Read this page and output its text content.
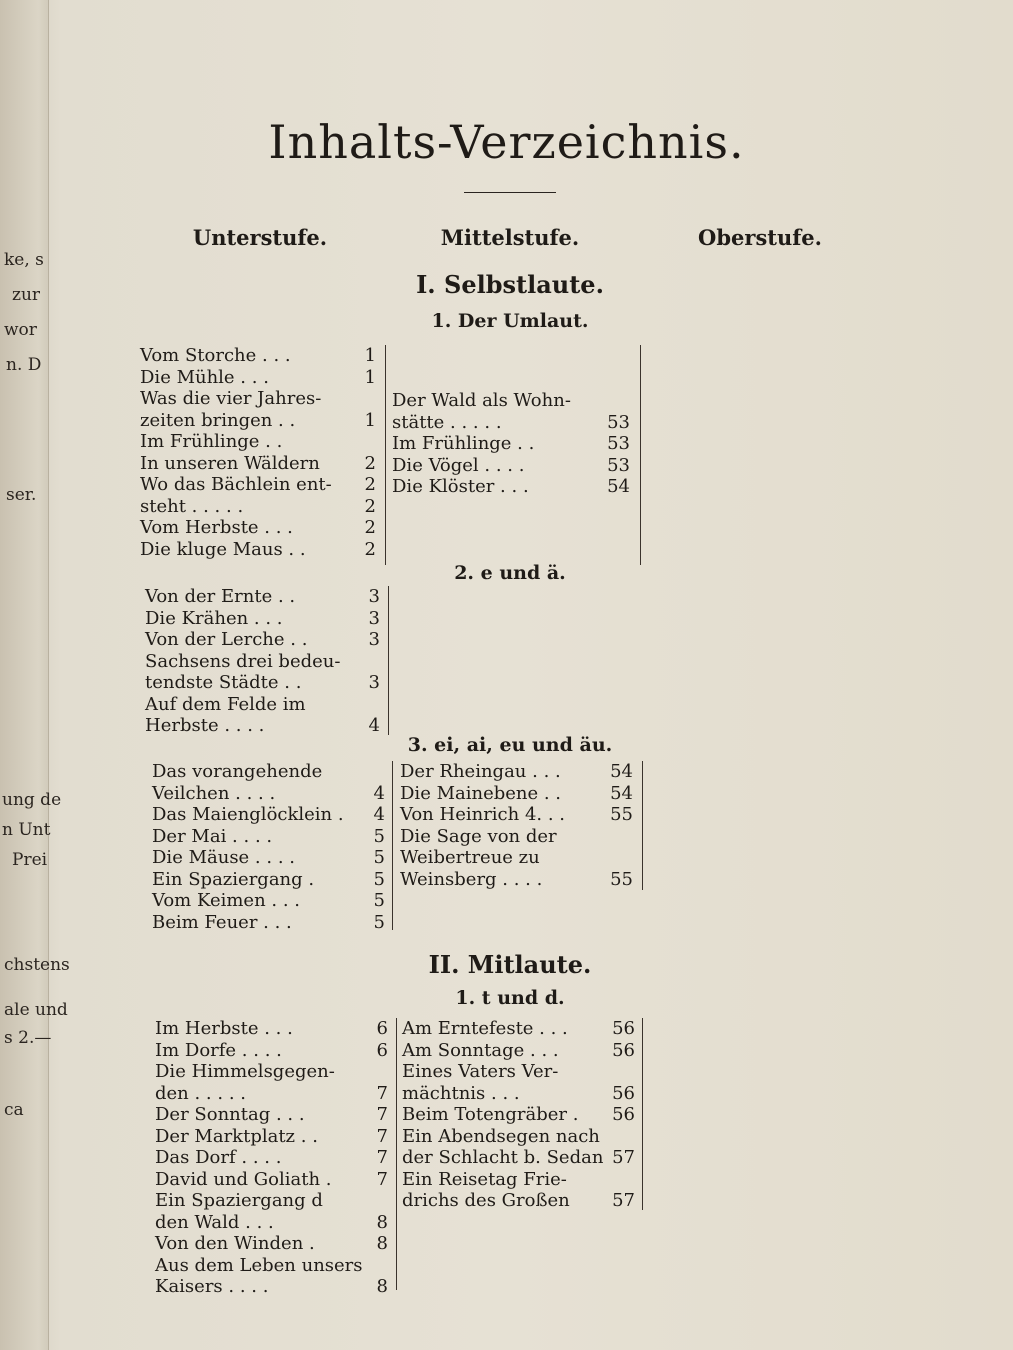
ke, s
zur
wor
n. D
ser.
ung de
n Unt
Prei
chstens
ale und
s 2.—
ca
Inhalts-Verzeichnis.
Unterstufe.	Mittelstufe.	Oberstufe.
I. Selbstlaute.
1. Der Umlaut.
2. e und ä.
3. ei, ai, eu und äu.
II. Mitlaute.
1. t und d.
Vom Storche . . .	1
Die Mühle . . .	1
Was die vier Jahres-
zeiten bringen . .	1
Im Frühlinge . .
In unseren Wäldern	2
Wo das Bächlein ent-	2
steht . . . . .	2
Vom Herbste . . .	2
Die kluge Maus . .	2
Von der Ernte . .	3
Die Krähen . . .	3
Von der Lerche . .	3
Sachsens drei bedeu-
tendste Städte . .	3
Auf dem Felde im
Herbste . . . .	4
Das vorangehende
Veilchen . . . .	4
Das Maienglöcklein .	4
Der Mai . . . .	5
Die Mäuse . . . .	5
Ein Spaziergang .	5
Vom Keimen . . .	5
Beim Feuer . . .	5
Im Herbste . . .	6
Im Dorfe . . . .	6
Die Himmelsgegen-
den . . . . .	7
Der Sonntag . . .	7
Der Marktplatz . .	7
Das Dorf . . . .	7
David und Goliath .	7
Ein Spaziergang d
den Wald . . .	8
Von den Winden .	8
Aus dem Leben unsers
Kaisers . . . .	8
Der Wald als Wohn-
stätte . . . . .	53
Im Frühlinge . .	53
Die Vögel . . . .	53
Die Klöster . . .	54
Der Rheingau . . .	54
Die Mainebene . .	54
Von Heinrich 4. . .	55
Die Sage von der
Weibertreue zu
Weinsberg . . . .	55
Am Erntefeste . . .	56
Am Sonntage . . .	56
Eines Vaters Ver-
mächtnis . . .	56
Beim Totengräber .	56
Ein Abendsegen nach
der Schlacht b. Sedan 57
Ein Reisetag Frie-
drichs des Großen	57
